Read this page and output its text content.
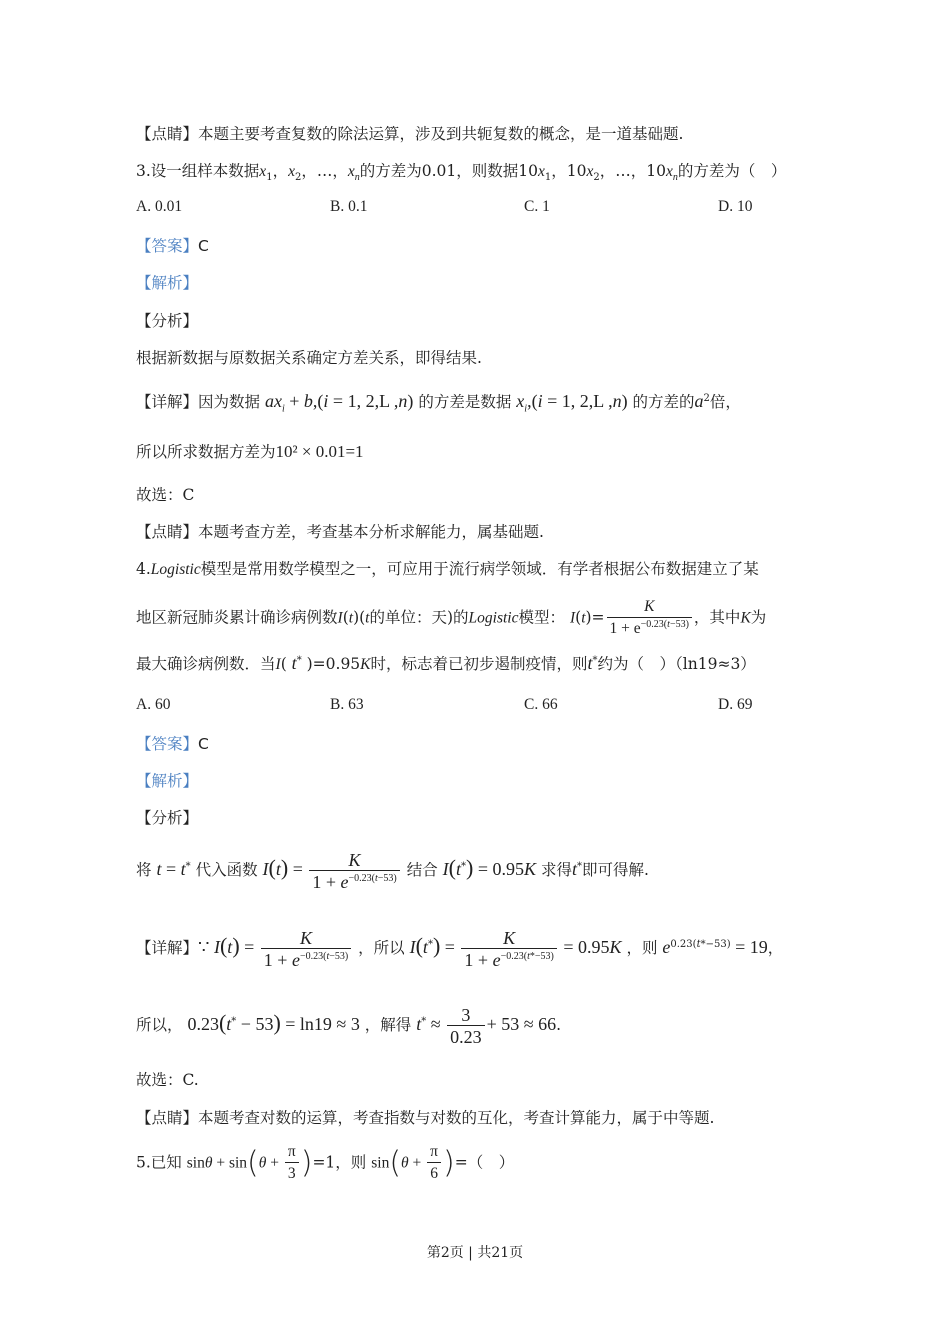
【点睛】本题主要考查复数的除法运算，涉及到共轭复数的概念，是一道基础题.
3.设一组样本数据$x_1$，$x_2$，…，$x_n$的方差为0.01，则数据$10x_1$，$10x_2$，…，$10x_n$的方差为（　）
A. 0.01	B. 0.1	C. 1	D. 10
【答案】C
【解析】
【分析】
根据新数据与原数据关系确定方差关系，即得结果.
【详解】因为数据 $ax_i + b,(i = 1$, 2,L ,n) 的方差是数据 $x_i,(i = 1$, 2,L ,n) 的方差的$a^2$倍，
所以所求数据方差为10² × 0.01=1
故选：C
【点睛】本题考查方差，考查基本分析求解能力，属基础题.
4.Logistic模型是常用数学模型之一，可应用于流行病学领域．有学者根据公布数据建立了某
地区新冠肺炎累计确诊病例数I(t)(t的单位：天)的Logistic模型： $I(t)= \frac{K}{1 + e^{-0.23(t-53)}}$ ，其中K为
最大确诊病例数．当I( t* )=0.95K时，标志着已初步遏制疫情，则t*约为（　）（ln19≈3）
A. 60	B. 63	C. 66	D. 69
【答案】C
【解析】
【分析】
将 t = t* 代入函数 $I(t) = \frac{K}{1 + e^{-0.23(t-53)}}$ 结合 I(t*) = 0.95K 求得t*即可得解.
【详解】∵ $I(t) = \frac{K}{1 + e^{-0.23(t-53)}}$ ，所以 $I(t^*) = \frac{K}{1 + e^{-0.23(t*-53)}} = 0.95K$ ，则 $e^{0.23(t*-53)} = 19$，
所以， 0.23(t* − 53) = ln19 ≈ 3 ，解得 $t^* \approx \frac{3}{0.23} + 53 \approx 66$.
故选：C.
【点睛】本题考查对数的运算，考查指数与对数的互化，考查计算能力，属于中等题.
5.已知 $\sin\theta + \sin(\theta + \frac{\pi}{3} )=1$，则 $\sin(\theta + \frac{\pi}{6}$ )=（　）
第2页 | 共21页
